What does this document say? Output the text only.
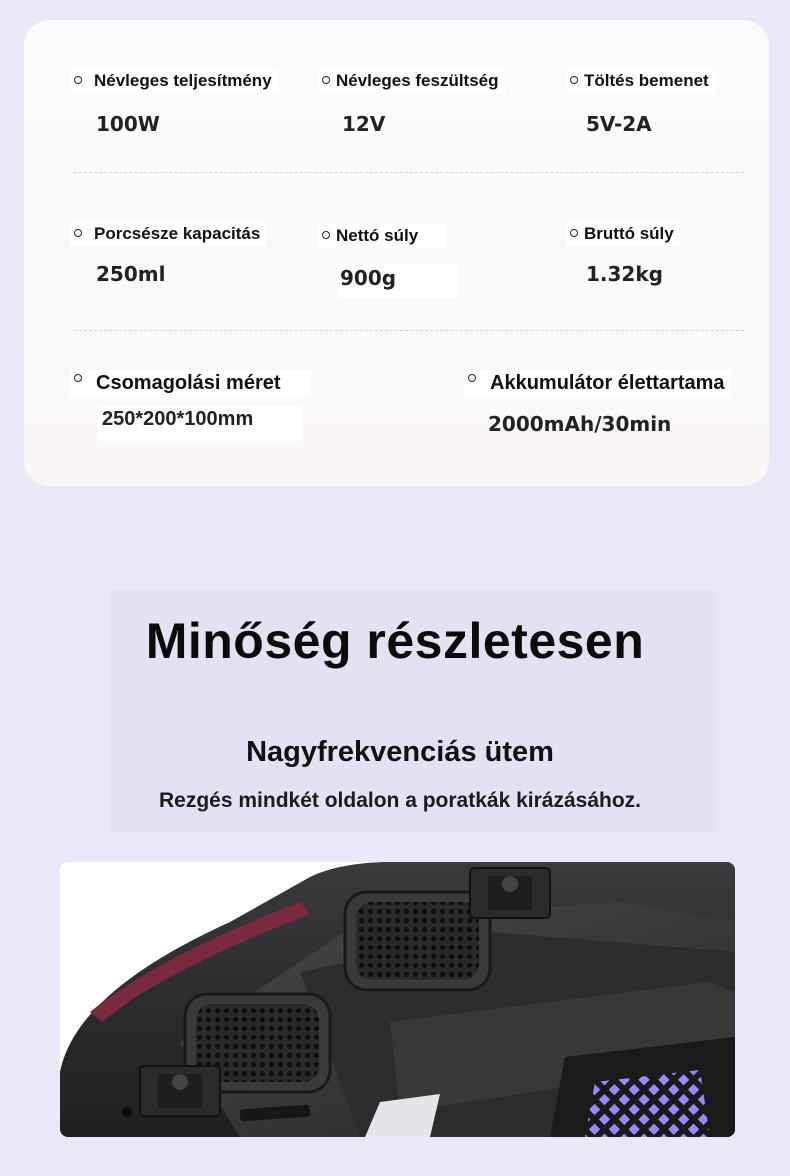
Névleges teljesítmény
100W
Névleges feszültség
12V
Töltés bemenet
5V-2A
Porcsésze kapacitás
250ml
Nettó súly
900g
Bruttó súly
1.32kg
Csomagolási méret
250*200*100mm
Akkumulátor élettartama
2000mAh/30min
Minőség részletesen
Nagyfrekvenciás ütem
Rezgés mindkét oldalon a poratkák kirázásához.
